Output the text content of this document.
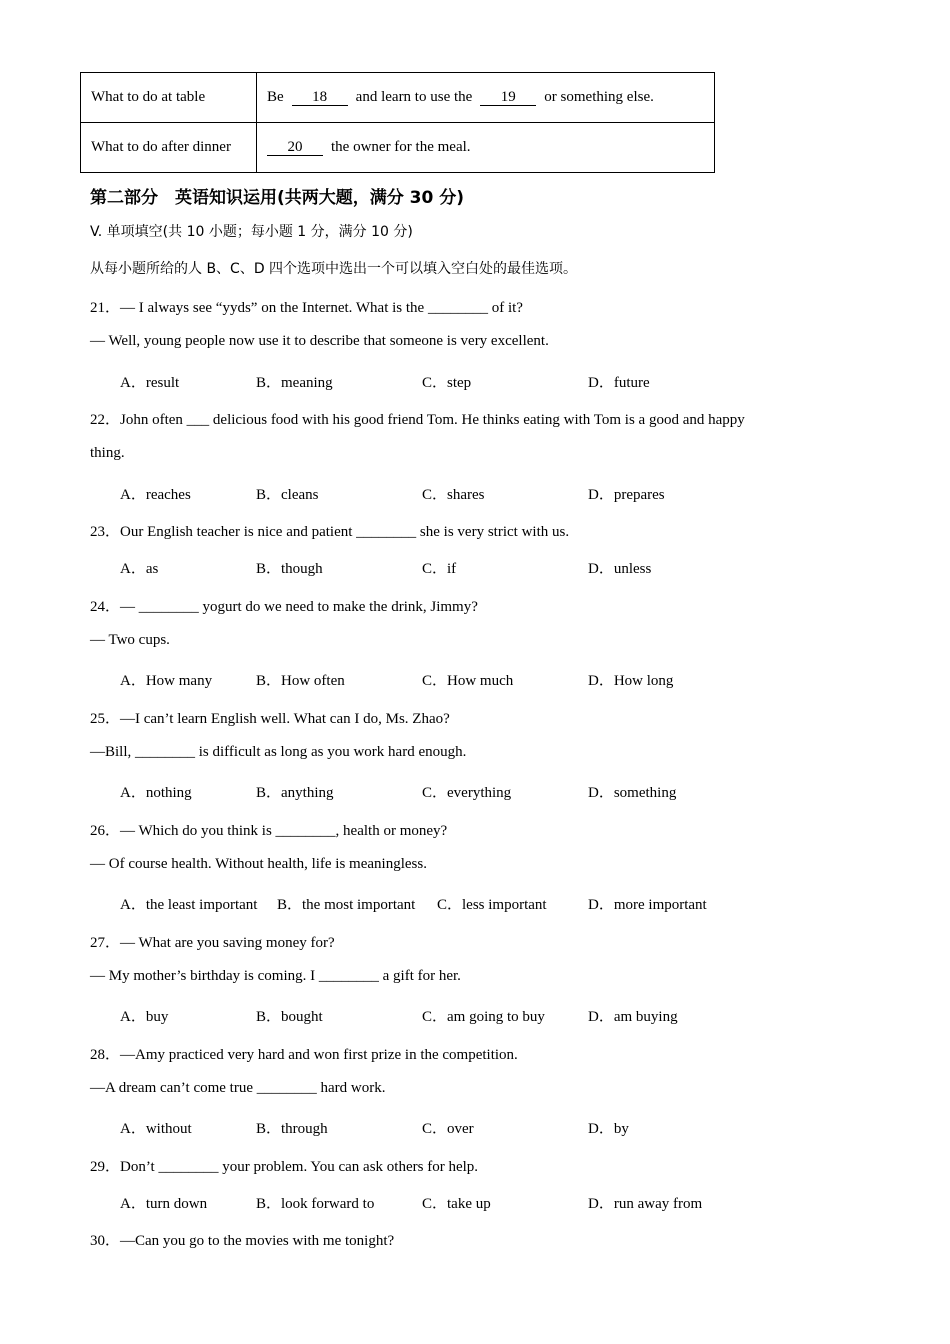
What to do at table	Be 18 and learn to use the 19 or something else.
What to do after dinner	20 the owner for the meal.
第二部分　英语知识运用(共两大题，满分 30 分)
V. 单项填空(共 10 小题；每小题 1 分，满分 10 分)
从每小题所给的人 B、C、D 四个选项中选出一个可以填入空白处的最佳选项。
21．— I always see “yyds” on the Internet. What is the ________ of it?
— Well, young people now use it to describe that someone is very excellent.
A．result	B．meaning	C．step	D．future
22．John often ___ delicious food with his good friend Tom. He thinks eating with Tom is a good and happy
thing.
A．reaches	B．cleans	C．shares	D．prepares
23．Our English teacher is nice and patient ________ she is very strict with us.
A．as	B．though	C．if	D．unless
24．— ________ yogurt do we need to make the drink, Jimmy?
— Two cups.
A．How many	B．How often	C．How much	D．How long
25．—I can’t learn English well. What can I do, Ms. Zhao?
—Bill, ________ is difficult as long as you work hard enough.
A．nothing	B．anything	C．everything	D．something
26．— Which do you think is ________, health or money?
— Of course health. Without health, life is meaningless.
A．the least important B．the most important C．less important	D．more important
27．— What are you saving money for?
— My mother’s birthday is coming. I ________ a gift for her.
A．buy	B．bought	C．am going to buy	D．am buying
28．—Amy practiced very hard and won first prize in the competition.
—A dream can’t come true ________ hard work.
A．without	B．through	C．over	D．by
29．Don’t ________ your problem. You can ask others for help.
A．turn down	B．look forward to	C．take up	D．run away from
30．—Can you go to the movies with me tonight?
